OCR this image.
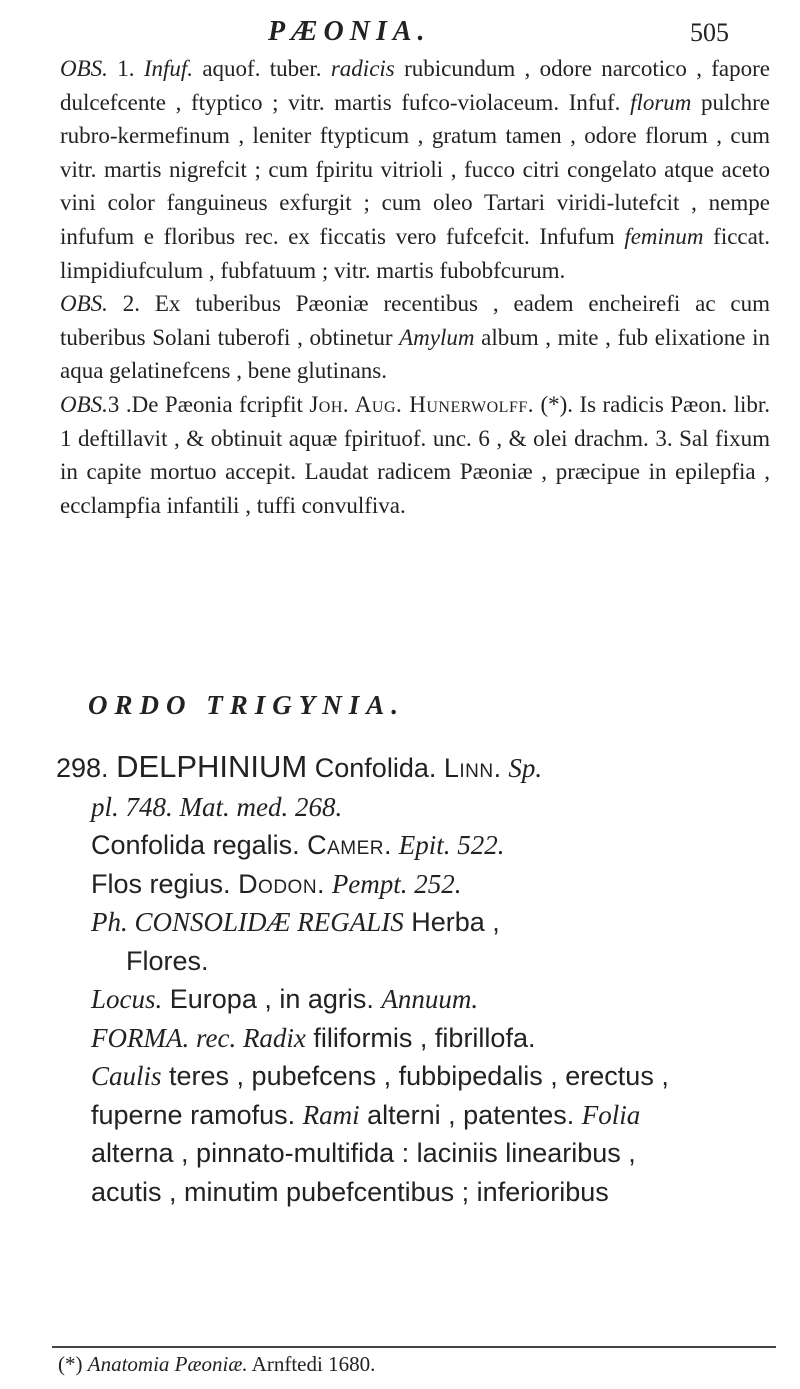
PÆONIA.	505

OBS. 1. Infuf. aquof. tuber. radicis rubicundum , odore narcotico , fapore dulcefcente , ftyptico ; vitr. martis fufco-violaceum. Infuf. florum pulchre rubro-kermefinum , leniter ftypticum , gratum tamen , odore florum , cum vitr. martis nigrefcit ; cum fpiritu vitrioli , fucco citri congelato atque aceto vini color fanguineus exfurgit ; cum oleo Tartari viridi-lutefcit , nempe infufum e floribus rec. ex ficcatis vero fufcefcit. Infufum feminum ficcat. limpidiufculum , fubfatuum ; vitr. martis fubobfcurum.

OBS. 2. Ex tuberibus Pæoniæ recentibus , eadem encheirefi ac cum tuberibus Solani tuberofi , obtinetur Amylum album , mite , fub elixatione in aqua gelatinefcens , bene glutinans.

OBS.3 .De Pæonia fcripfit Joh. Aug. Hunerwolff. (*). Is radicis Pæon. libr. 1 deftillavit , & obtinuit aquæ fpirituof. unc. 6 , & olei drachm. 3. Sal fixum in capite mortuo accepit. Laudat radicem Pæoniæ , præcipue in epilepfia , ecclampfia infantili , tuffi convulfiva.

ORDO TRIGYNIA.
298. DELPHINIUM Confolida. Linn. Sp.
pl. 748. Mat. med. 268.
Confolida regalis. Camer. Epit. 522.
Flos regius. Dodon. Pempt. 252.
Ph. CONSOLIDÆ REGALIS Herba ,
Flores.
Locus. Europa , in agris. Annuum.
FORMA. rec. Radix filiformis , fibrillofa.
Caulis teres , pubefcens , fubbipedalis , erectus ,
fuperne ramofus. Rami alterni , patentes. Folia
alterna , pinnato-multifida : laciniis linearibus ,
acutis , minutim pubefcentibus ; inferioribus
(*) Anatomia Pæoniæ. Arnftedi 1680.
